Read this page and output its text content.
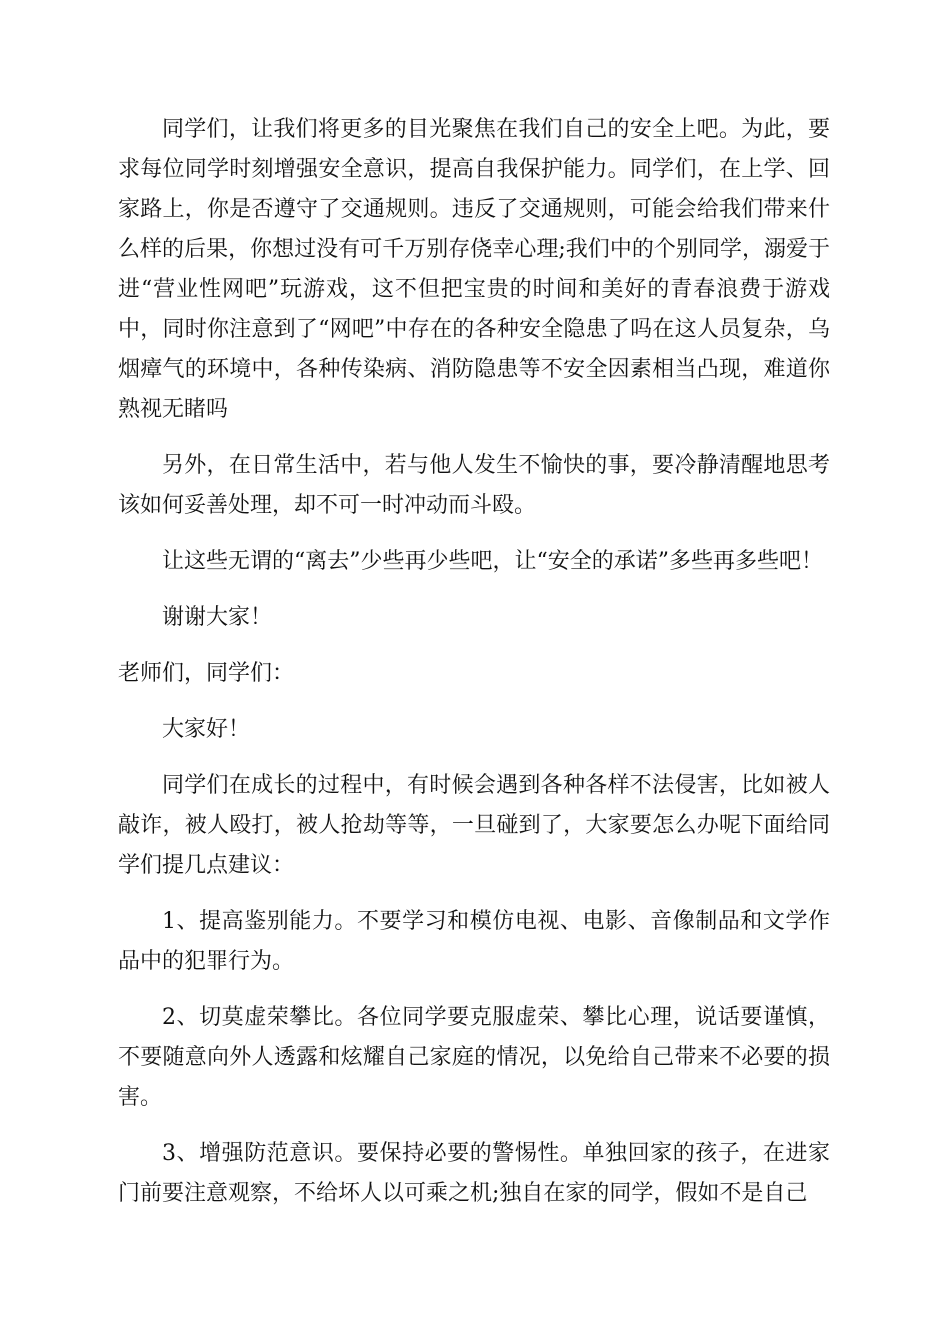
同学们，让我们将更多的目光聚焦在我们自己的安全上吧。为此，要求每位同学时刻增强安全意识，提高自我保护能力。同学们，在上学、回家路上，你是否遵守了交通规则。违反了交通规则，可能会给我们带来什么样的后果，你想过没有可千万别存侥幸心理;我们中的个别同学，溺爱于进“营业性网吧”玩游戏，这不但把宝贵的时间和美好的青春浪费于游戏中，同时你注意到了“网吧”中存在的各种安全隐患了吗在这人员复杂，乌烟瘴气的环境中，各种传染病、消防隐患等不安全因素相当凸现，难道你熟视无睹吗

另外，在日常生活中，若与他人发生不愉快的事，要冷静清醒地思考该如何妥善处理，却不可一时冲动而斗殴。

让这些无谓的“离去”少些再少些吧，让“安全的承诺”多些再多些吧！

谢谢大家！

老师们，同学们：

大家好！

同学们在成长的过程中，有时候会遇到各种各样不法侵害，比如被人敲诈，被人殴打，被人抢劫等等，一旦碰到了，大家要怎么办呢下面给同学们提几点建议：

1、提高鉴别能力。不要学习和模仿电视、电影、音像制品和文学作品中的犯罪行为。

2、切莫虚荣攀比。各位同学要克服虚荣、攀比心理，说话要谨慎，不要随意向外人透露和炫耀自己家庭的情况，以免给自己带来不必要的损害。

3、增强防范意识。要保持必要的警惕性。单独回家的孩子，在进家门前要注意观察，不给坏人以可乘之机;独自在家的同学，假如不是自己
